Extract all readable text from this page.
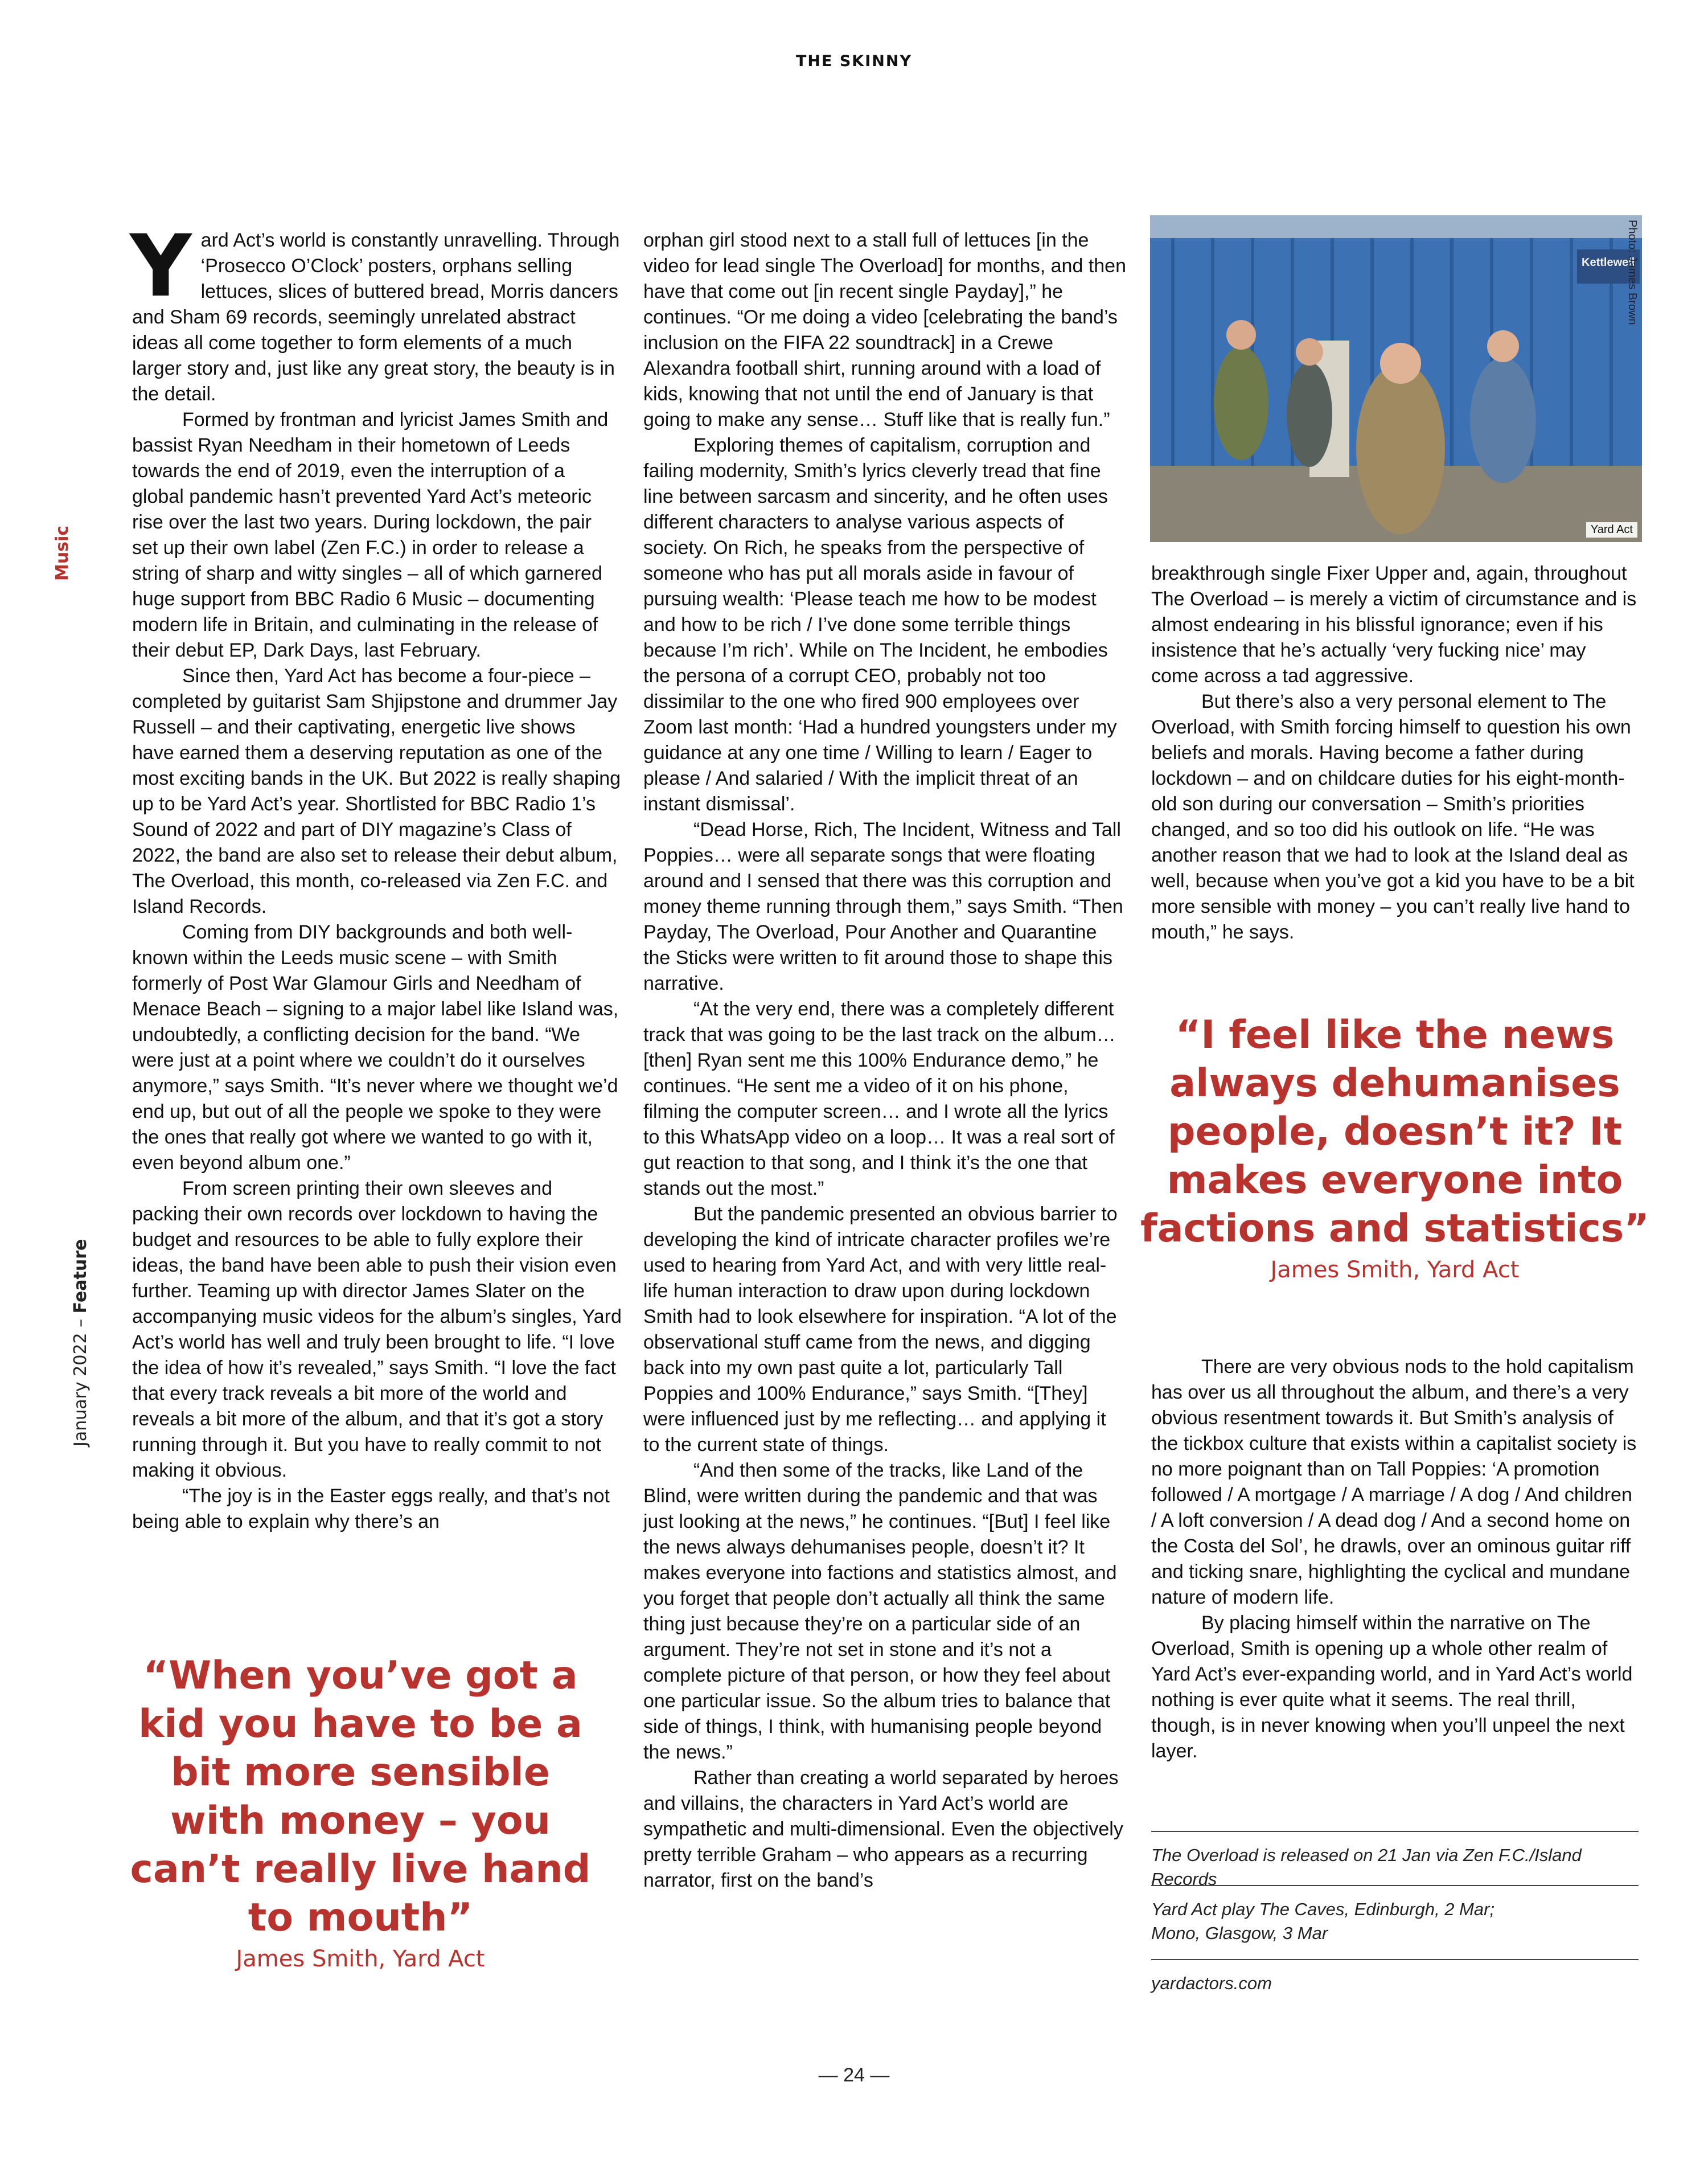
THE SKINNY
Music
January 2022 – Feature

Yard Act’s world is constantly unravelling. Through ‘Prosecco O’Clock’ posters, orphans selling lettuces, slices of buttered bread, Morris dancers and Sham 69 records, seemingly unrelated abstract ideas all come together to form elements of a much larger story and, just like any great story, the beauty is in the detail.

Formed by frontman and lyricist James Smith and bassist Ryan Needham in their hometown of Leeds towards the end of 2019, even the interruption of a global pandemic hasn’t prevented Yard Act’s meteoric rise over the last two years. During lockdown, the pair set up their own label (Zen F.C.) in order to release a string of sharp and witty singles – all of which garnered huge support from BBC Radio 6 Music – documenting modern life in Britain, and culminating in the release of their debut EP, Dark Days, last February.

Since then, Yard Act has become a four-piece – completed by guitarist Sam Shjipstone and drummer Jay Russell – and their captivating, energetic live shows have earned them a deserving reputation as one of the most exciting bands in the UK. But 2022 is really shaping up to be Yard Act’s year. Shortlisted for BBC Radio 1’s Sound of 2022 and part of DIY magazine’s Class of 2022, the band are also set to release their debut album, The Overload, this month, co-released via Zen F.C. and Island Records.

Coming from DIY backgrounds and both well-known within the Leeds music scene – with Smith formerly of Post War Glamour Girls and Needham of Menace Beach – signing to a major label like Island was, undoubtedly, a conflicting decision for the band. “We were just at a point where we couldn’t do it ourselves anymore,” says Smith. “It’s never where we thought we’d end up, but out of all the people we spoke to they were the ones that really got where we wanted to go with it, even beyond album one.”

From screen printing their own sleeves and packing their own records over lockdown to having the budget and resources to be able to fully explore their ideas, the band have been able to push their vision even further. Teaming up with director James Slater on the accompanying music videos for the album’s singles, Yard Act’s world has well and truly been brought to life. “I love the idea of how it’s revealed,” says Smith. “I love the fact that every track reveals a bit more of the world and reveals a bit more of the album, and that it’s got a story running through it. But you have to really commit to not making it obvious.

“The joy is in the Easter eggs really, and that’s not being able to explain why there’s an

“When you’ve got a kid you have to be a bit more sensible with money – you can’t really live hand to mouth”
James Smith, Yard Act

orphan girl stood next to a stall full of lettuces [in the video for lead single The Overload] for months, and then have that come out [in recent single Payday],” he continues. “Or me doing a video [celebrating the band’s inclusion on the FIFA 22 soundtrack] in a Crewe Alexandra football shirt, running around with a load of kids, knowing that not until the end of January is that going to make any sense… Stuff like that is really fun.”

Exploring themes of capitalism, corruption and failing modernity, Smith’s lyrics cleverly tread that fine line between sarcasm and sincerity, and he often uses different characters to analyse various aspects of society. On Rich, he speaks from the perspective of someone who has put all morals aside in favour of pursuing wealth: ‘Please teach me how to be modest and how to be rich / I’ve done some terrible things because I’m rich’. While on The Incident, he embodies the persona of a corrupt CEO, probably not too dissimilar to the one who fired 900 employees over Zoom last month: ‘Had a hundred youngsters under my guidance at any one time / Willing to learn / Eager to please / And salaried / With the implicit threat of an instant dismissal’.

“Dead Horse, Rich, The Incident, Witness and Tall Poppies… were all separate songs that were floating around and I sensed that there was this corruption and money theme running through them,” says Smith. “Then Payday, The Overload, Pour Another and Quarantine the Sticks were written to fit around those to shape this narrative.

“At the very end, there was a completely different track that was going to be the last track on the album…[then] Ryan sent me this 100% Endurance demo,” he continues. “He sent me a video of it on his phone, filming the computer screen… and I wrote all the lyrics to this WhatsApp video on a loop… It was a real sort of gut reaction to that song, and I think it’s the one that stands out the most.”

But the pandemic presented an obvious barrier to developing the kind of intricate character profiles we’re used to hearing from Yard Act, and with very little real-life human interaction to draw upon during lockdown Smith had to look elsewhere for inspiration. “A lot of the observational stuff came from the news, and digging back into my own past quite a lot, particularly Tall Poppies and 100% Endurance,” says Smith. “[They] were influenced just by me reflecting… and applying it to the current state of things.

“And then some of the tracks, like Land of the Blind, were written during the pandemic and that was just looking at the news,” he continues. “[But] I feel like the news always dehumanises people, doesn’t it? It makes everyone into factions and statistics almost, and you forget that people don’t actually all think the same thing just because they’re on a particular side of an argument. They’re not set in stone and it’s not a complete picture of that person, or how they feel about one particular issue. So the album tries to balance that side of things, I think, with humanising people beyond the news.”

Rather than creating a world separated by heroes and villains, the characters in Yard Act’s world are sympathetic and multi-dimensional. Even the objectively pretty terrible Graham – who appears as a recurring narrator, first on the band’s

Kettlewell
Photo: James Brown
Yard Act

breakthrough single Fixer Upper and, again, throughout The Overload – is merely a victim of circumstance and is almost endearing in his blissful ignorance; even if his insistence that he’s actually ‘very fucking nice’ may come across a tad aggressive.

But there’s also a very personal element to The Overload, with Smith forcing himself to question his own beliefs and morals. Having become a father during lockdown – and on childcare duties for his eight-month-old son during our conversation – Smith’s priorities changed, and so too did his outlook on life. “He was another reason that we had to look at the Island deal as well, because when you’ve got a kid you have to be a bit more sensible with money – you can’t really live hand to mouth,” he says.

“I feel like the news always dehumanises people, doesn’t it? It makes everyone into factions and statistics”
James Smith, Yard Act

There are very obvious nods to the hold capitalism has over us all throughout the album, and there’s a very obvious resentment towards it. But Smith’s analysis of the tickbox culture that exists within a capitalist society is no more poignant than on Tall Poppies: ‘A promotion followed / A mortgage / A marriage / A dog / And children / A loft conversion / A dead dog / And a second home on the Costa del Sol’, he drawls, over an ominous guitar riff and ticking snare, highlighting the cyclical and mundane nature of modern life.

By placing himself within the narrative on The Overload, Smith is opening up a whole other realm of Yard Act’s ever-expanding world, and in Yard Act’s world nothing is ever quite what it seems. The real thrill, though, is in never knowing when you’ll unpeel the next layer.

The Overload is released on 21 Jan via Zen F.C./Island Records
Yard Act play The Caves, Edinburgh, 2 Mar;
Mono, Glasgow, 3 Mar
yardactors.com
— 24 —
